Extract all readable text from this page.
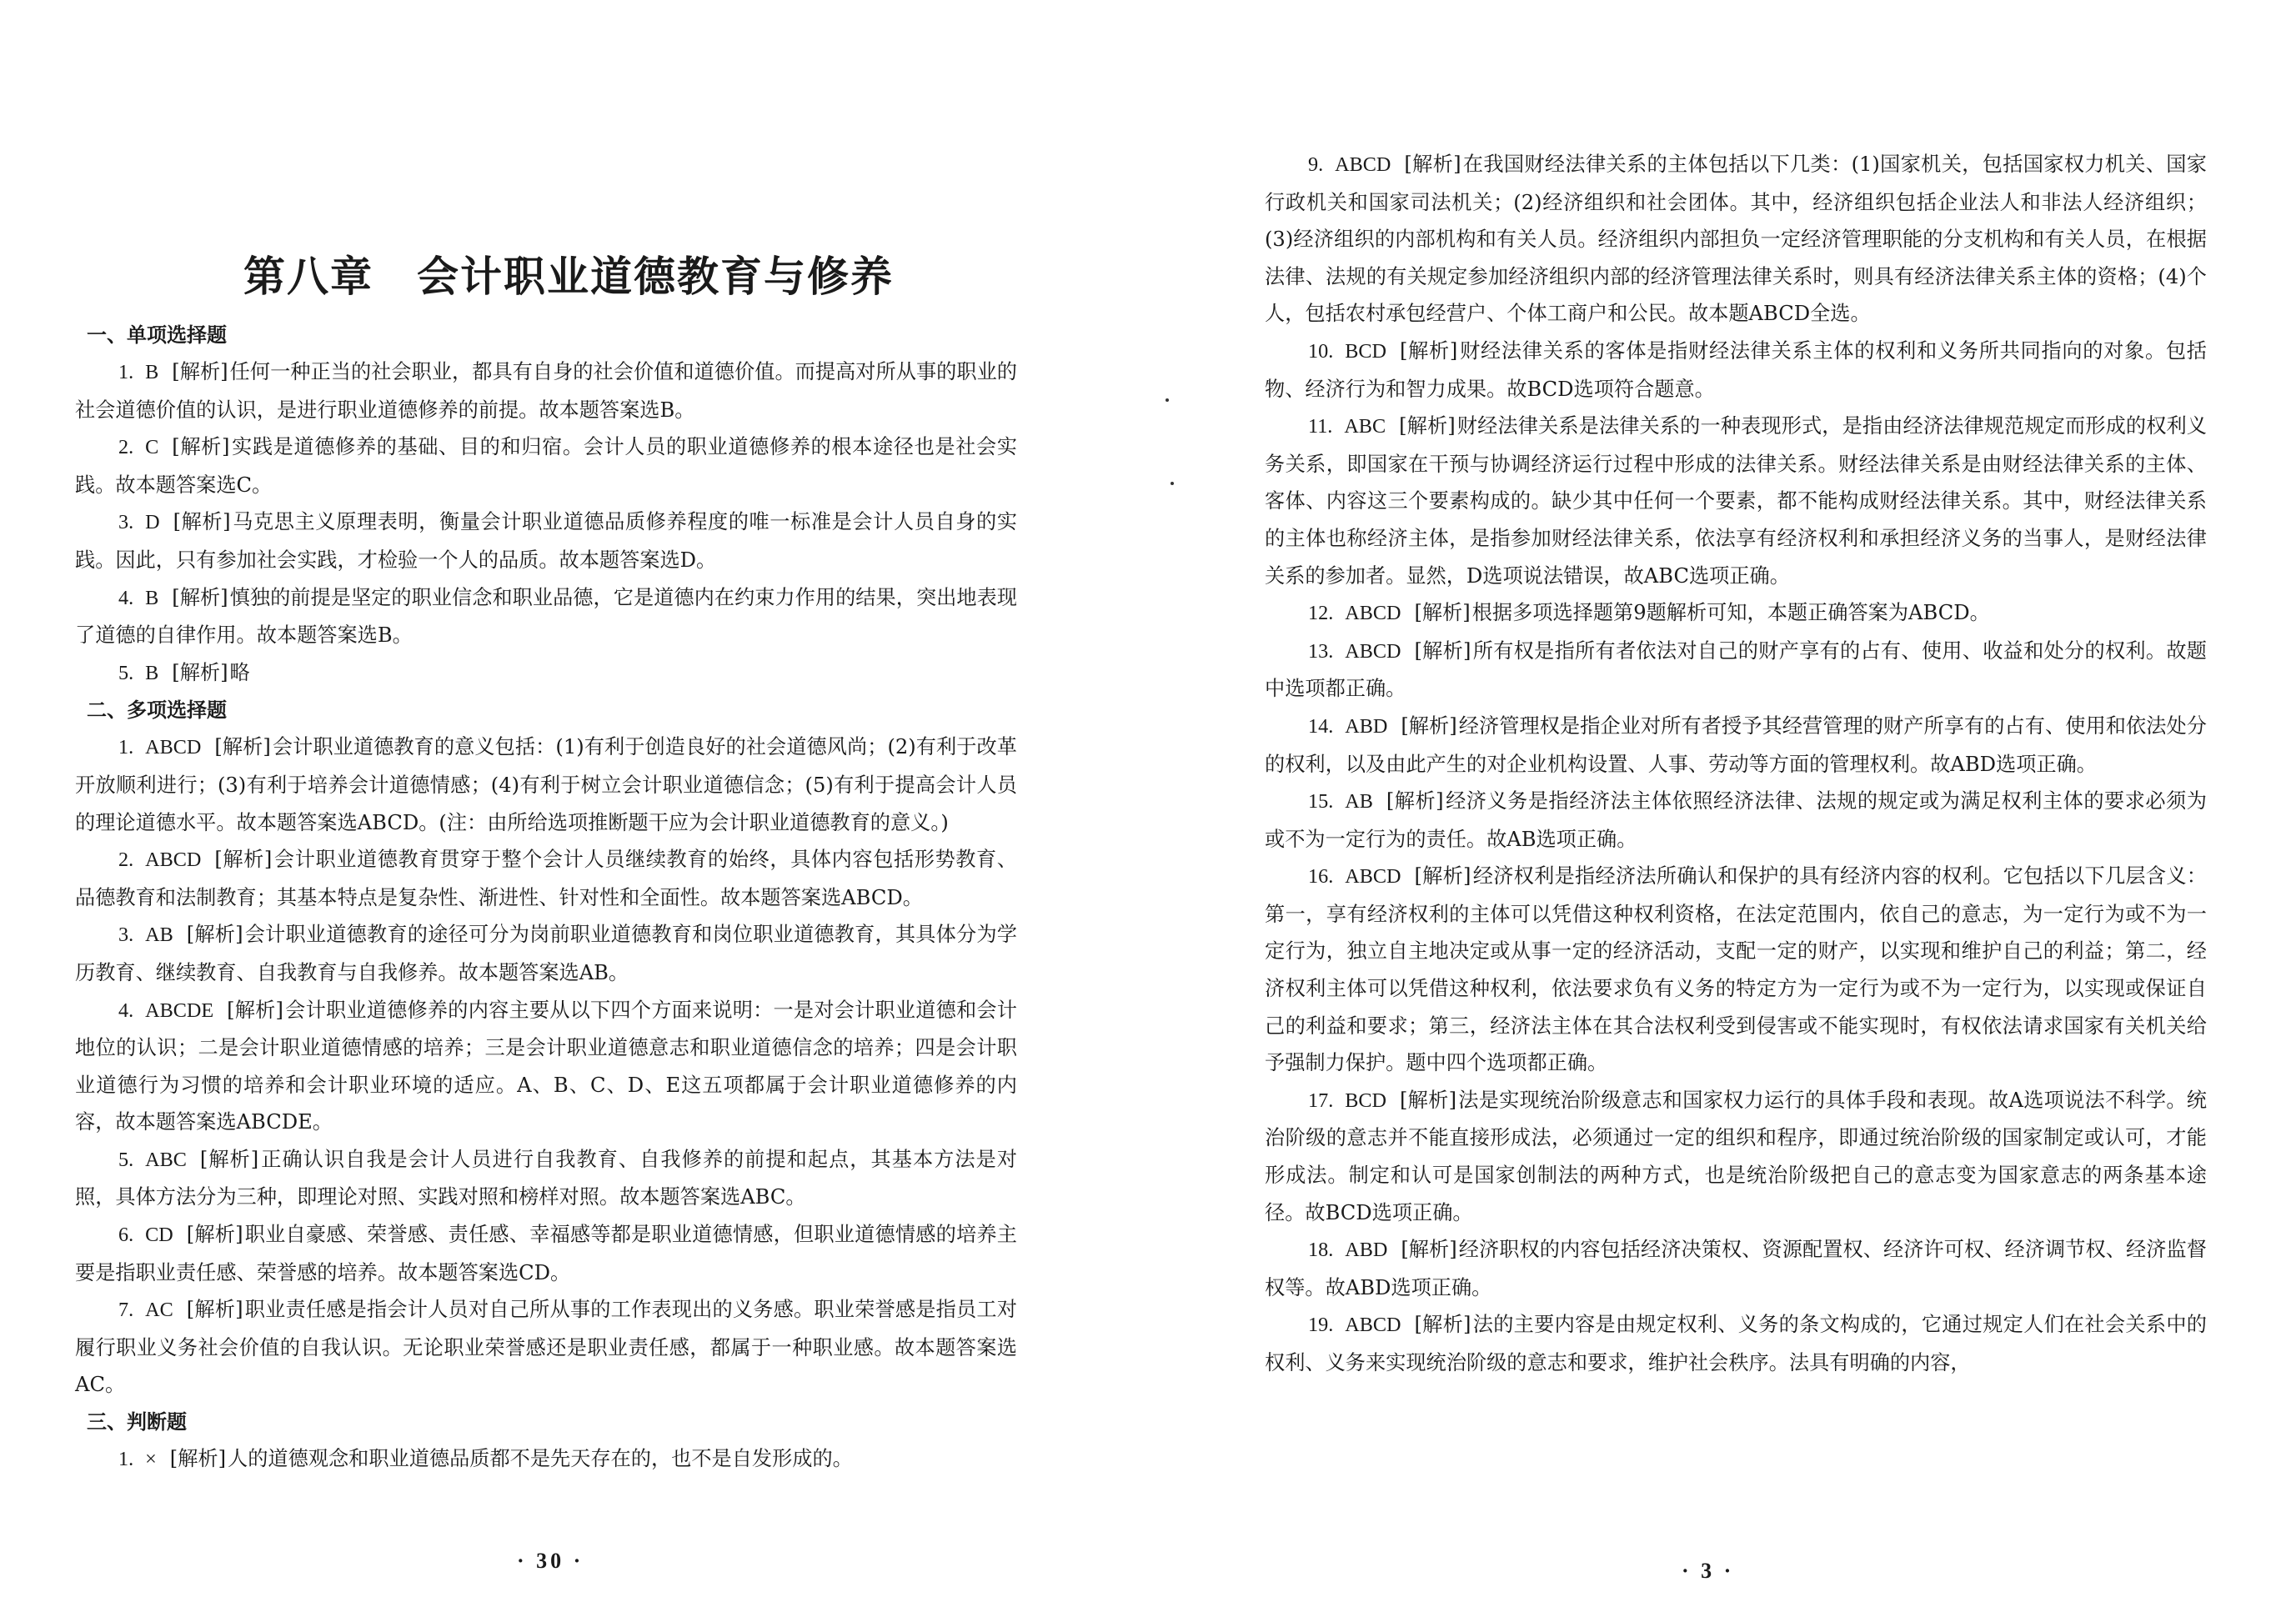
第八章　会计职业道德教育与修养
一、单项选择题

1. B [解析]任何一种正当的社会职业，都具有自身的社会价值和道德价值。而提高对所从事的职业的社会道德价值的认识，是进行职业道德修养的前提。故本题答案选B。

2. C [解析]实践是道德修养的基础、目的和归宿。会计人员的职业道德修养的根本途径也是社会实践。故本题答案选C。

3. D [解析]马克思主义原理表明，衡量会计职业道德品质修养程度的唯一标准是会计人员自身的实践。因此，只有参加社会实践，才检验一个人的品质。故本题答案选D。

4. B [解析]慎独的前提是坚定的职业信念和职业品德，它是道德内在约束力作用的结果，突出地表现了道德的自律作用。故本题答案选B。

5. B [解析]略

二、多项选择题

1. ABCD [解析]会计职业道德教育的意义包括：(1)有利于创造良好的社会道德风尚；(2)有利于改革开放顺利进行；(3)有利于培养会计道德情感；(4)有利于树立会计职业道德信念；(5)有利于提高会计人员的理论道德水平。故本题答案选ABCD。(注：由所给选项推断题干应为会计职业道德教育的意义。)

2. ABCD [解析]会计职业道德教育贯穿于整个会计人员继续教育的始终，具体内容包括形势教育、品德教育和法制教育；其基本特点是复杂性、渐进性、针对性和全面性。故本题答案选ABCD。

3. AB [解析]会计职业道德教育的途径可分为岗前职业道德教育和岗位职业道德教育，其具体分为学历教育、继续教育、自我教育与自我修养。故本题答案选AB。

4. ABCDE [解析]会计职业道德修养的内容主要从以下四个方面来说明：一是对会计职业道德和会计地位的认识；二是会计职业道德情感的培养；三是会计职业道德意志和职业道德信念的培养；四是会计职业道德行为习惯的培养和会计职业环境的适应。A、B、C、D、E这五项都属于会计职业道德修养的内容，故本题答案选ABCDE。

5. ABC [解析]正确认识自我是会计人员进行自我教育、自我修养的前提和起点，其基本方法是对照，具体方法分为三种，即理论对照、实践对照和榜样对照。故本题答案选ABC。

6. CD [解析]职业自豪感、荣誉感、责任感、幸福感等都是职业道德情感，但职业道德情感的培养主要是指职业责任感、荣誉感的培养。故本题答案选CD。

7. AC [解析]职业责任感是指会计人员对自己所从事的工作表现出的义务感。职业荣誉感是指员工对履行职业义务社会价值的自我认识。无论职业荣誉感还是职业责任感，都属于一种职业感。故本题答案选AC。

三、判断题

1. × [解析]人的道德观念和职业道德品质都不是先天存在的，也不是自发形成的。

· 30 ·

9. ABCD [解析]在我国财经法律关系的主体包括以下几类：(1)国家机关，包括国家权力机关、国家行政机关和国家司法机关；(2)经济组织和社会团体。其中，经济组织包括企业法人和非法人经济组织；(3)经济组织的内部机构和有关人员。经济组织内部担负一定经济管理职能的分支机构和有关人员，在根据法律、法规的有关规定参加经济组织内部的经济管理法律关系时，则具有经济法律关系主体的资格；(4)个人，包括农村承包经营户、个体工商户和公民。故本题ABCD全选。

10. BCD [解析]财经法律关系的客体是指财经法律关系主体的权利和义务所共同指向的对象。包括物、经济行为和智力成果。故BCD选项符合题意。

11. ABC [解析]财经法律关系是法律关系的一种表现形式，是指由经济法律规范规定而形成的权利义务关系，即国家在干预与协调经济运行过程中形成的法律关系。财经法律关系是由财经法律关系的主体、客体、内容这三个要素构成的。缺少其中任何一个要素，都不能构成财经法律关系。其中，财经法律关系的主体也称经济主体，是指参加财经法律关系，依法享有经济权利和承担经济义务的当事人，是财经法律关系的参加者。显然，D选项说法错误，故ABC选项正确。

12. ABCD [解析]根据多项选择题第9题解析可知，本题正确答案为ABCD。

13. ABCD [解析]所有权是指所有者依法对自己的财产享有的占有、使用、收益和处分的权利。故题中选项都正确。

14. ABD [解析]经济管理权是指企业对所有者授予其经营管理的财产所享有的占有、使用和依法处分的权利，以及由此产生的对企业机构设置、人事、劳动等方面的管理权利。故ABD选项正确。

15. AB [解析]经济义务是指经济法主体依照经济法律、法规的规定或为满足权利主体的要求必须为或不为一定行为的责任。故AB选项正确。

16. ABCD [解析]经济权利是指经济法所确认和保护的具有经济内容的权利。它包括以下几层含义：第一，享有经济权利的主体可以凭借这种权利资格，在法定范围内，依自己的意志，为一定行为或不为一定行为，独立自主地决定或从事一定的经济活动，支配一定的财产，以实现和维护自己的利益；第二，经济权利主体可以凭借这种权利，依法要求负有义务的特定方为一定行为或不为一定行为，以实现或保证自己的利益和要求；第三，经济法主体在其合法权利受到侵害或不能实现时，有权依法请求国家有关机关给予强制力保护。题中四个选项都正确。

17. BCD [解析]法是实现统治阶级意志和国家权力运行的具体手段和表现。故A选项说法不科学。统治阶级的意志并不能直接形成法，必须通过一定的组织和程序，即通过统治阶级的国家制定或认可，才能形成法。制定和认可是国家创制法的两种方式，也是统治阶级把自己的意志变为国家意志的两条基本途径。故BCD选项正确。

18. ABD [解析]经济职权的内容包括经济决策权、资源配置权、经济许可权、经济调节权、经济监督权等。故ABD选项正确。

19. ABCD [解析]法的主要内容是由规定权利、义务的条文构成的，它通过规定人们在社会关系中的权利、义务来实现统治阶级的意志和要求，维护社会秩序。法具有明确的内容，

· 3 ·
